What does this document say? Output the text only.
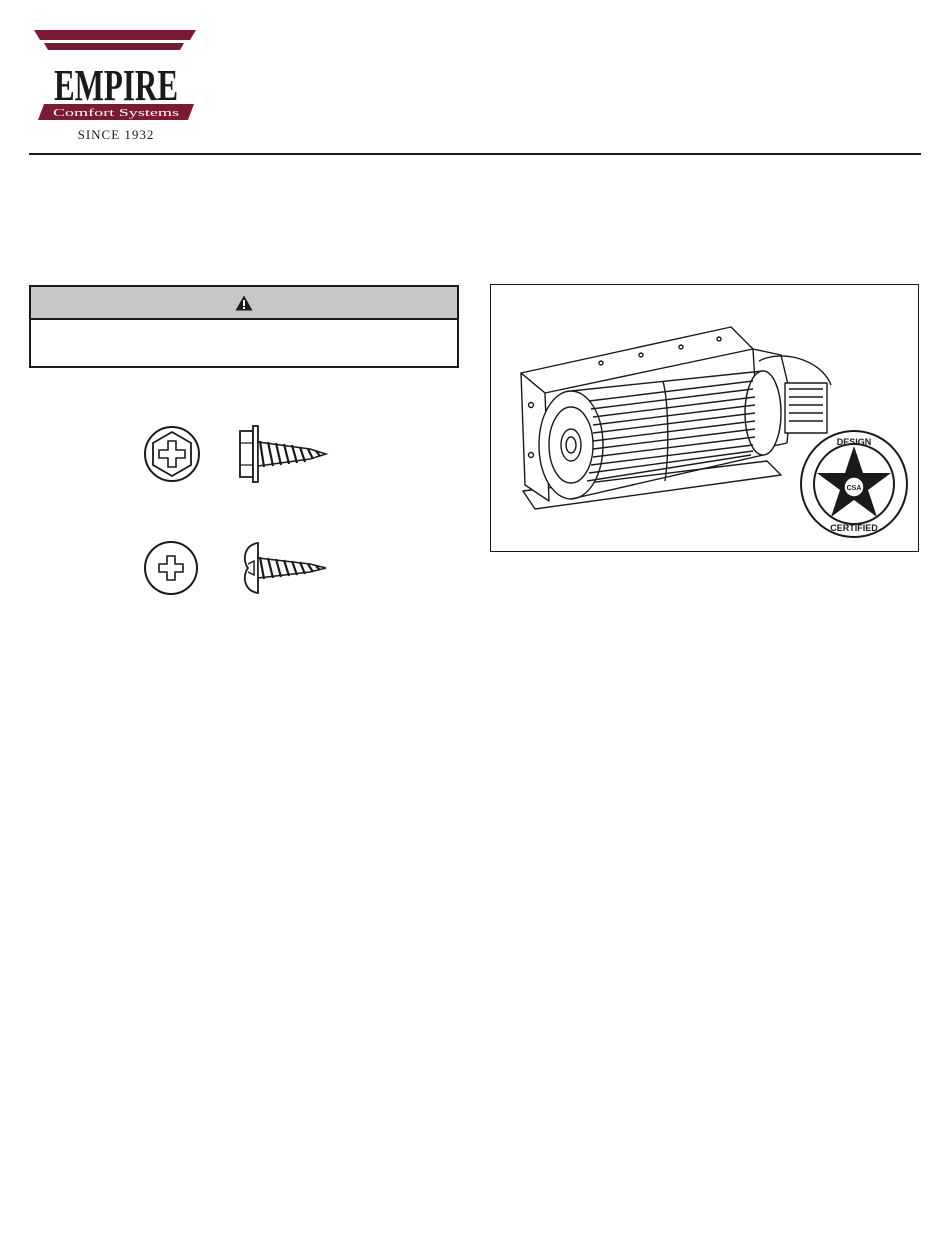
EMPIRE
Comfort Systems
SINCE 1932
CSA
DESIGN
CERTIFIED
